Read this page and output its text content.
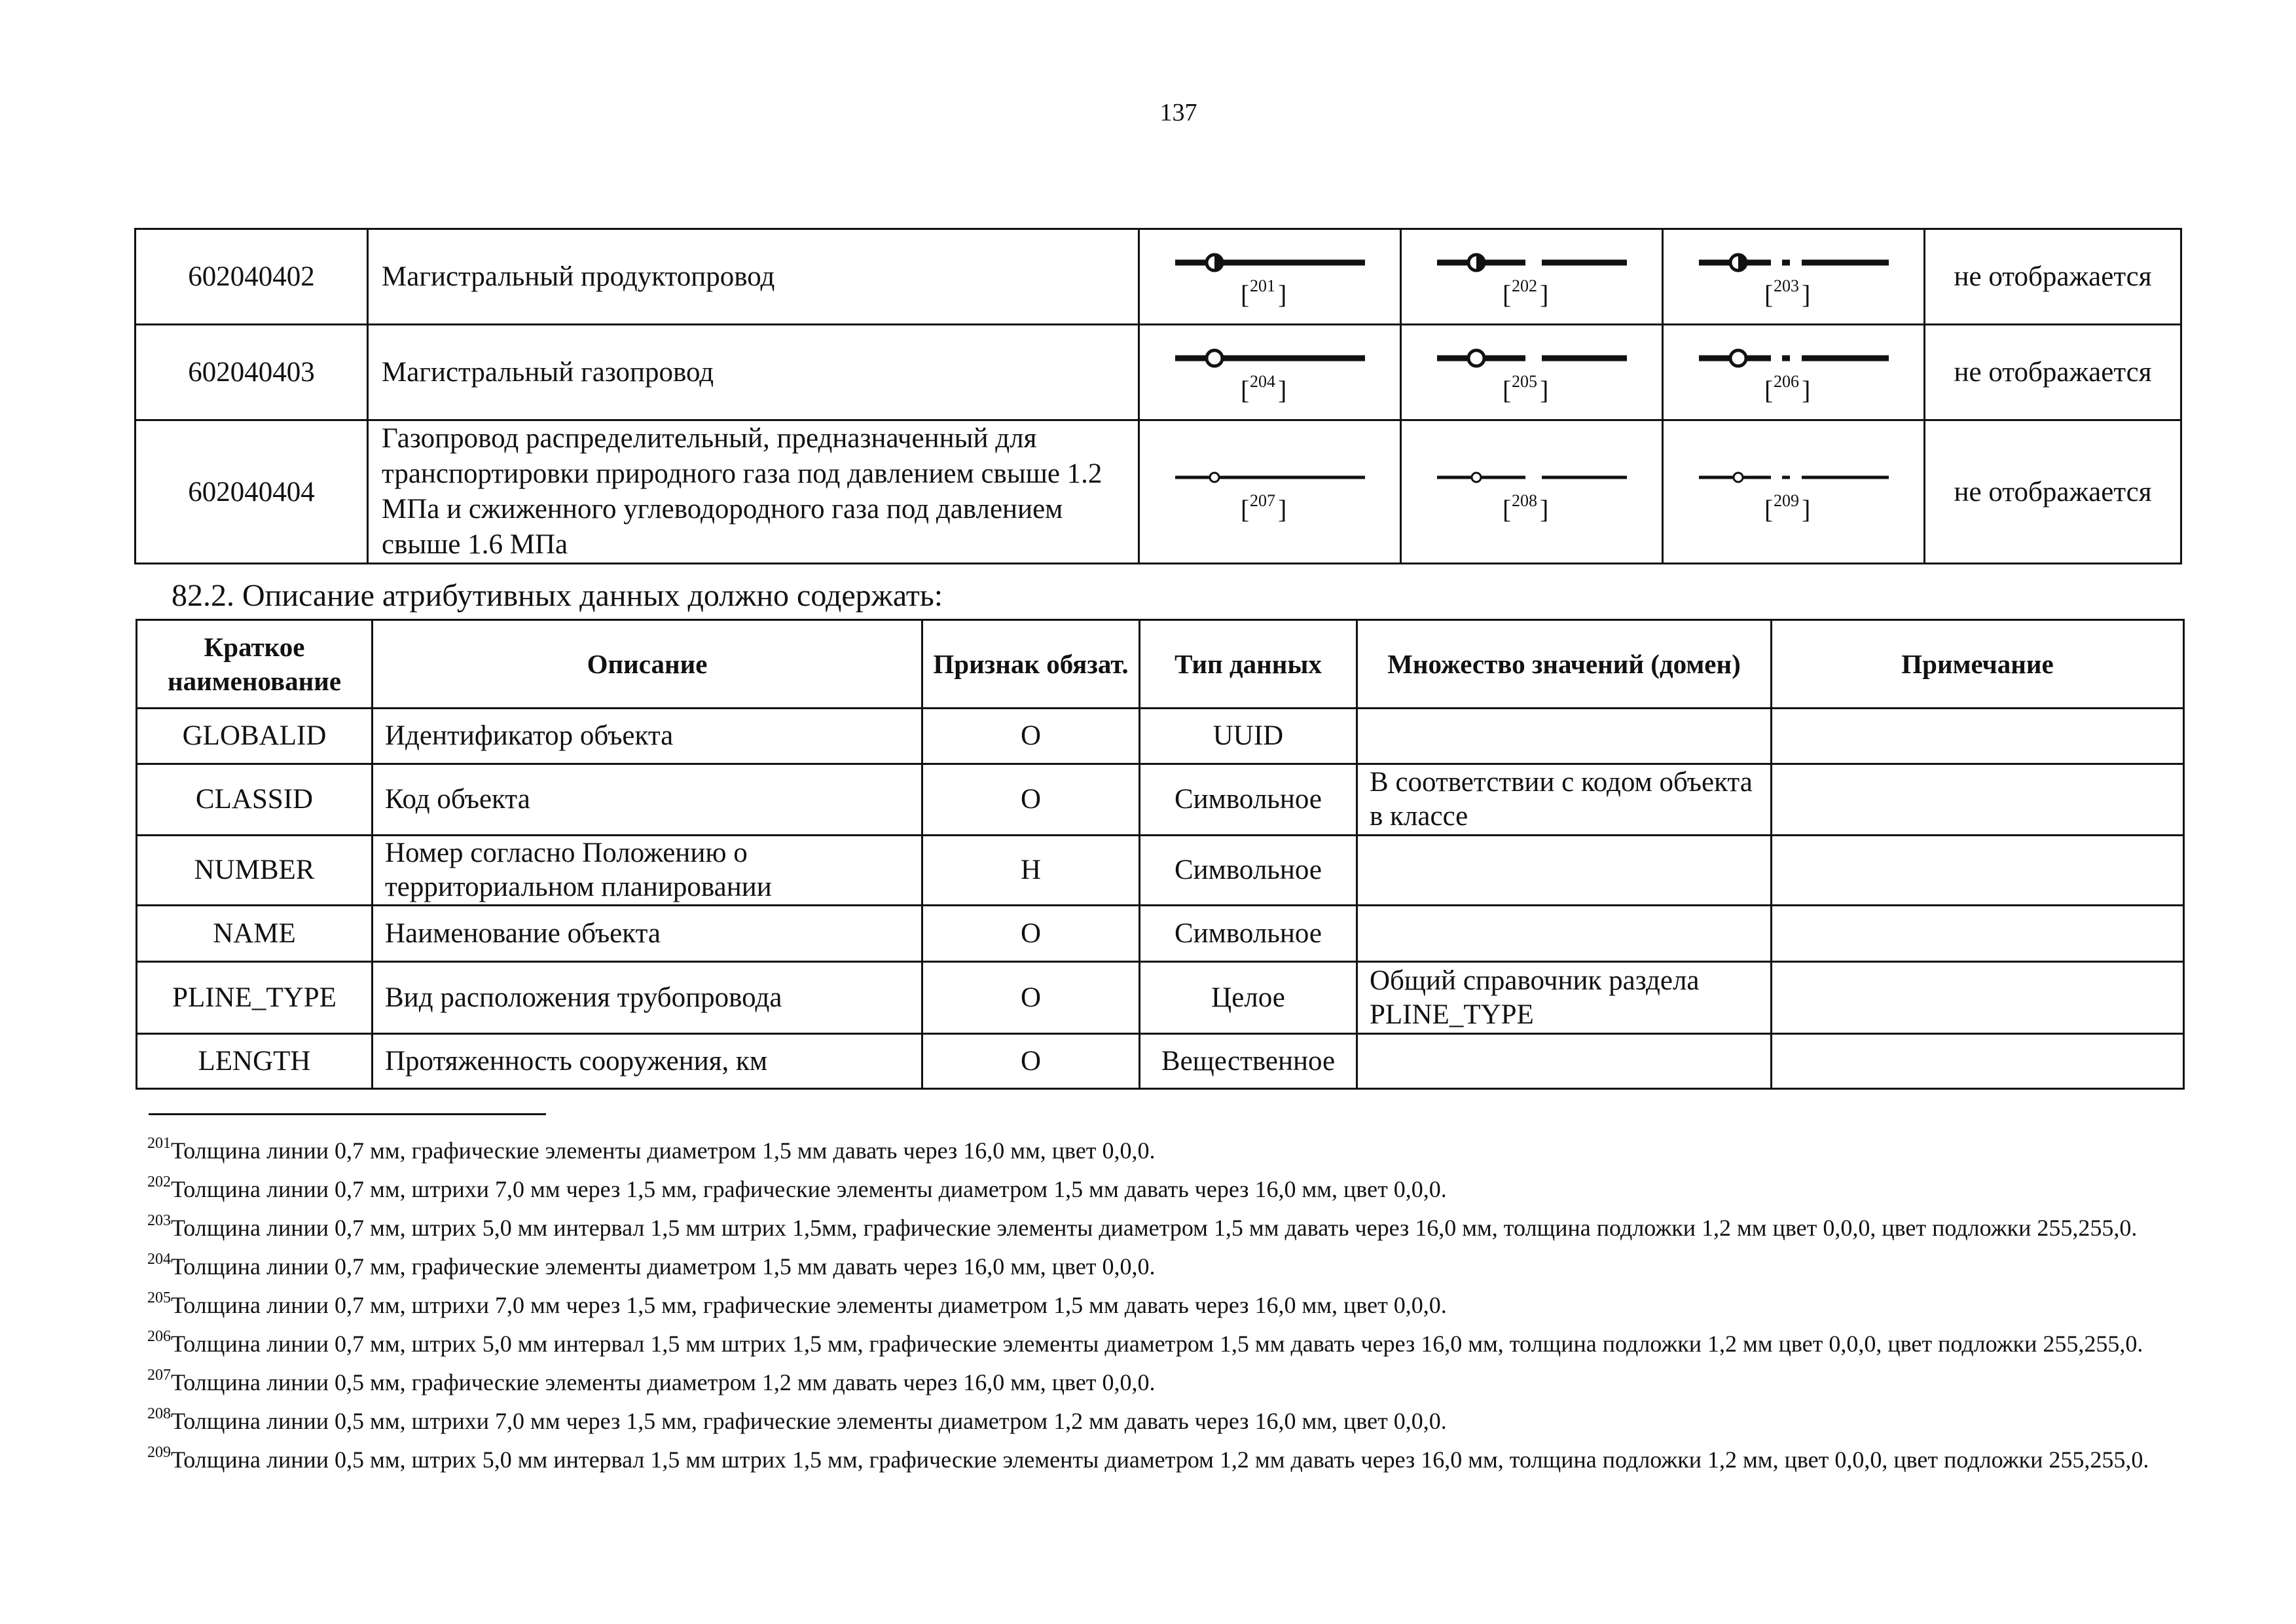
137
602040402	Магистральный продуктопровод	[ 201 ]	[ 202 ]	[ 203 ]	не отображается
602040403	Магистральный газопровод	[ 204 ]	[ 205 ]	[ 206 ]	не отображается
602040404	Газопровод распределительный, предназначенный для транспортировки природного газа под давлением свыше 1.2 МПа и сжиженного углеводородного газа под давлением свыше 1.6 МПа	[ 207 ]	[ 208 ]	[ 209 ]	не отображается
82.2. Описание атрибутивных данных должно содержать:
Краткое наименование	Описание	Признак обязат.	Тип данных	Множество значений (домен)	Примечание
GLOBALID	Идентификатор объекта	О	UUID		
CLASSID	Код объекта	О	Символьное	В соответствии с кодом объекта в классе	
NUMBER	Номер согласно Положению о территориальном планировании	Н	Символьное		
NAME	Наименование объекта	О	Символьное		
PLINE_TYPE	Вид расположения трубопровода	О	Целое	Общий справочник раздела PLINE_TYPE	
LENGTH	Протяженность сооружения, км	О	Вещественное		

$^{201}$Толщина линии 0,7 мм, графические элементы диаметром 1,5 мм давать через 16,0 мм, цвет 0,0,0.

$^{202}$Толщина линии 0,7 мм, штрихи 7,0 мм через 1,5 мм, графические элементы диаметром 1,5 мм давать через 16,0 мм, цвет 0,0,0.

$^{203}$Толщина линии 0,7 мм, штрих 5,0 мм интервал 1,5 мм штрих 1,5мм, графические элементы диаметром 1,5 мм давать через 16,0 мм, толщина подложки 1,2 мм цвет 0,0,0, цвет подложки 255,255,0.

$^{204}$Толщина линии 0,7 мм, графические элементы диаметром 1,5 мм давать через 16,0 мм, цвет 0,0,0.

$^{205}$Толщина линии 0,7 мм, штрихи 7,0 мм через 1,5 мм, графические элементы диаметром 1,5 мм давать через 16,0 мм, цвет 0,0,0.

$^{206}$Толщина линии 0,7 мм, штрих 5,0 мм интервал 1,5 мм штрих 1,5 мм, графические элементы диаметром 1,5 мм давать через 16,0 мм, толщина подложки 1,2 мм цвет 0,0,0, цвет подложки 255,255,0.

$^{207}$Толщина линии 0,5 мм, графические элементы диаметром 1,2 мм давать через 16,0 мм, цвет 0,0,0.

$^{208}$Толщина линии 0,5 мм, штрихи 7,0 мм через 1,5 мм, графические элементы диаметром 1,2 мм давать через 16,0 мм, цвет 0,0,0.

$^{209}$Толщина линии 0,5 мм, штрих 5,0 мм интервал 1,5 мм штрих 1,5 мм, графические элементы диаметром 1,2 мм давать через 16,0 мм, толщина подложки 1,2 мм, цвет 0,0,0, цвет подложки 255,255,0.
